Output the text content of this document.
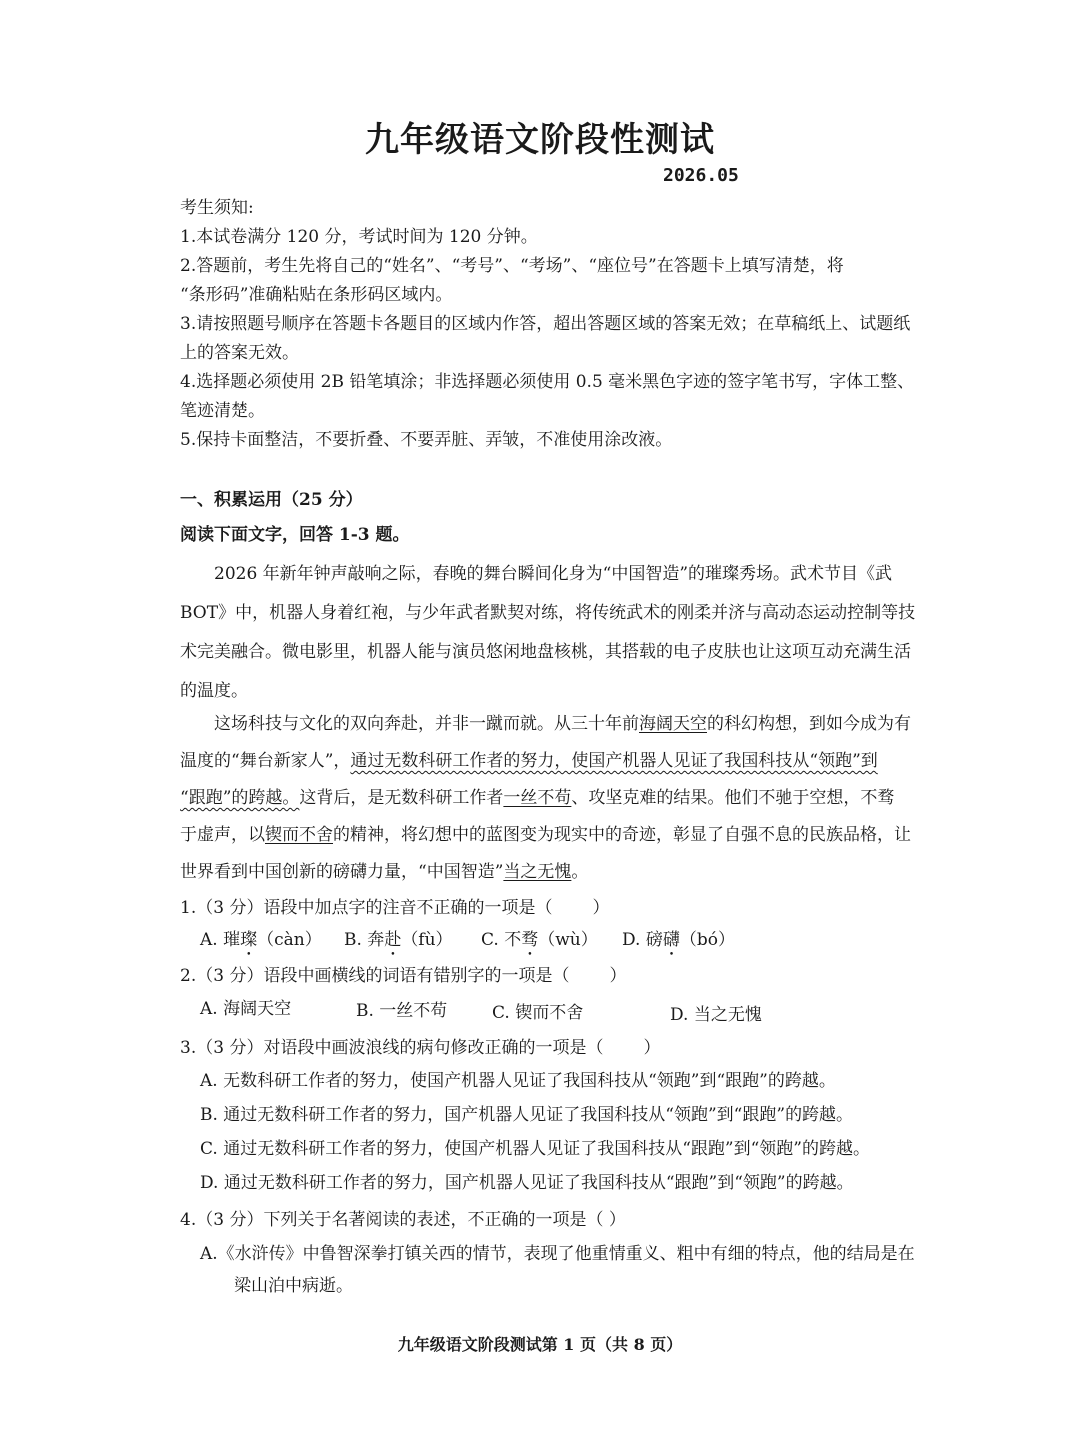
九年级语文阶段性测试
2026.05
考生须知:
1.本试卷满分 120 分，考试时间为 120 分钟。
2.答题前，考生先将自己的“姓名”、“考号”、“考场”、“座位号”在答题卡上填写清楚，将
“条形码”准确粘贴在条形码区域内。
3.请按照题号顺序在答题卡各题目的区域内作答，超出答题区域的答案无效；在草稿纸上、试题纸
上的答案无效。
4.选择题必须使用 2B 铅笔填涂；非选择题必须使用 0.5 毫米黑色字迹的签字笔书写，字体工整、
笔迹清楚。
5.保持卡面整洁，不要折叠、不要弄脏、弄皱，不准使用涂改液。
一、积累运用（25 分）
阅读下面文字，回答 1-3 题。
2026 年新年钟声敲响之际，春晚的舞台瞬间化身为“中国智造”的璀璨秀场。武术节目《武
BOT》中，机器人身着红袍，与少年武者默契对练，将传统武术的刚柔并济与高动态运动控制等技
术完美融合。微电影里，机器人能与演员悠闲地盘核桃，其搭载的电子皮肤也让这项互动充满生活
的温度。
这场科技与文化的双向奔赴，并非一蹴而就。从三十年前海阔天空的科幻构想，到如今成为有
温度的“舞台新家人”，通过无数科研工作者的努力，使国产机器人见证了我国科技从“领跑”到
“跟跑”的跨越。这背后，是无数科研工作者一丝不苟、攻坚克难的结果。他们不驰于空想，不骛
于虚声，以锲而不舍的精神，将幻想中的蓝图变为现实中的奇迹，彰显了自强不息的民族品格，让
世界看到中国创新的磅礴力量，“中国智造”当之无愧。
1.（3 分）语段中加点字的注音不正确的一项是（ ）
A. 璀璨（càn） B. 奔赴（fù） C. 不骛（wù） D. 磅礴（bó）
2.（3 分）语段中画横线的词语有错别字的一项是（ ）
A. 海阔天空	B. 一丝不苟	C. 锲而不舍	D. 当之无愧
3.（3 分）对语段中画波浪线的病句修改正确的一项是（ ）
A. 无数科研工作者的努力，使国产机器人见证了我国科技从“领跑”到“跟跑”的跨越。
B. 通过无数科研工作者的努力，国产机器人见证了我国科技从“领跑”到“跟跑”的跨越。
C. 通过无数科研工作者的努力，使国产机器人见证了我国科技从“跟跑”到“领跑”的跨越。
D. 通过无数科研工作者的努力，国产机器人见证了我国科技从“跟跑”到“领跑”的跨越。
4.（3 分）下列关于名著阅读的表述，不正确的一项是（ ）
A.《水浒传》中鲁智深拳打镇关西的情节，表现了他重情重义、粗中有细的特点，他的结局是在
梁山泊中病逝。
九年级语文阶段测试第 1 页（共 8 页）
